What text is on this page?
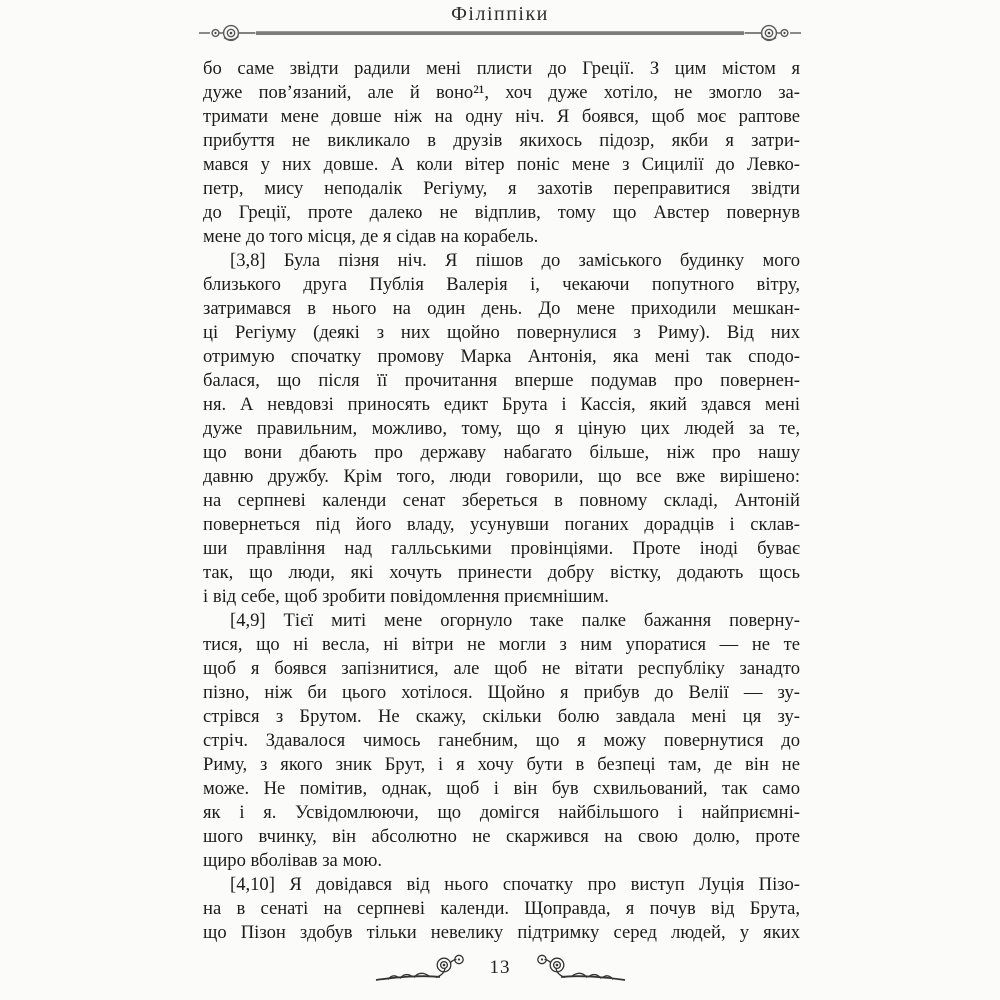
Філіппіки
бо саме звідти радили мені плисти до Греції. З цим містом я
дуже пов’язаний, але й воно²¹, хоч дуже хотіло, не змогло за-
тримати мене довше ніж на одну ніч. Я боявся, щоб моє раптове
прибуття не викликало в друзів якихось підозр, якби я затри-
мався у них довше. А коли вітер поніс мене з Сицилії до Левко-
петр, мису неподалік Регіуму, я захотів переправитися звідти
до Греції, проте далеко не відплив, тому що Австер повернув
мене до того місця, де я сідав на корабель.
[3,8] Була пізня ніч. Я пішов до заміського будинку мого
близького друга Публія Валерія і, чекаючи попутного вітру,
затримався в нього на один день. До мене приходили мешкан-
ці Регіуму (деякі з них щойно повернулися з Риму). Від них
отримую спочатку промову Марка Антонія, яка мені так сподо-
балася, що після її прочитання вперше подумав про повернен-
ня. А невдовзі приносять едикт Брута і Кассія, який здався мені
дуже правильним, можливо, тому, що я ціную цих людей за те,
що вони дбають про державу набагато більше, ніж про нашу
давню дружбу. Крім того, люди говорили, що все вже вирішено:
на серпневі календи сенат збереться в повному складі, Антоній
повернеться під його владу, усунувши поганих дорадців і склав-
ши правління над галльськими провінціями. Проте іноді буває
так, що люди, які хочуть принести добру вістку, додають щось
і від себе, щоб зробити повідомлення приємнішим.
[4,9] Тієї миті мене огорнуло таке палке бажання поверну-
тися, що ні весла, ні вітри не могли з ним упоратися — не те
щоб я боявся запізнитися, але щоб не вітати республіку занадто
пізно, ніж би цього хотілося. Щойно я прибув до Велії — зу-
стрівся з Брутом. Не скажу, скільки болю завдала мені ця зу-
стріч. Здавалося чимось ганебним, що я можу повернутися до
Риму, з якого зник Брут, і я хочу бути в безпеці там, де він не
може. Не помітив, однак, щоб і він був схвильований, так само
як і я. Усвідомлюючи, що домігся найбільшого і найприємні-
шого вчинку, він абсолютно не скаржився на свою долю, проте
щиро вболівав за мою.
[4,10] Я довідався від нього спочатку про виступ Луція Пізо-
на в сенаті на серпневі календи. Щоправда, я почув від Брута,
що Пізон здобув тільки невелику підтримку серед людей, у яких
13
